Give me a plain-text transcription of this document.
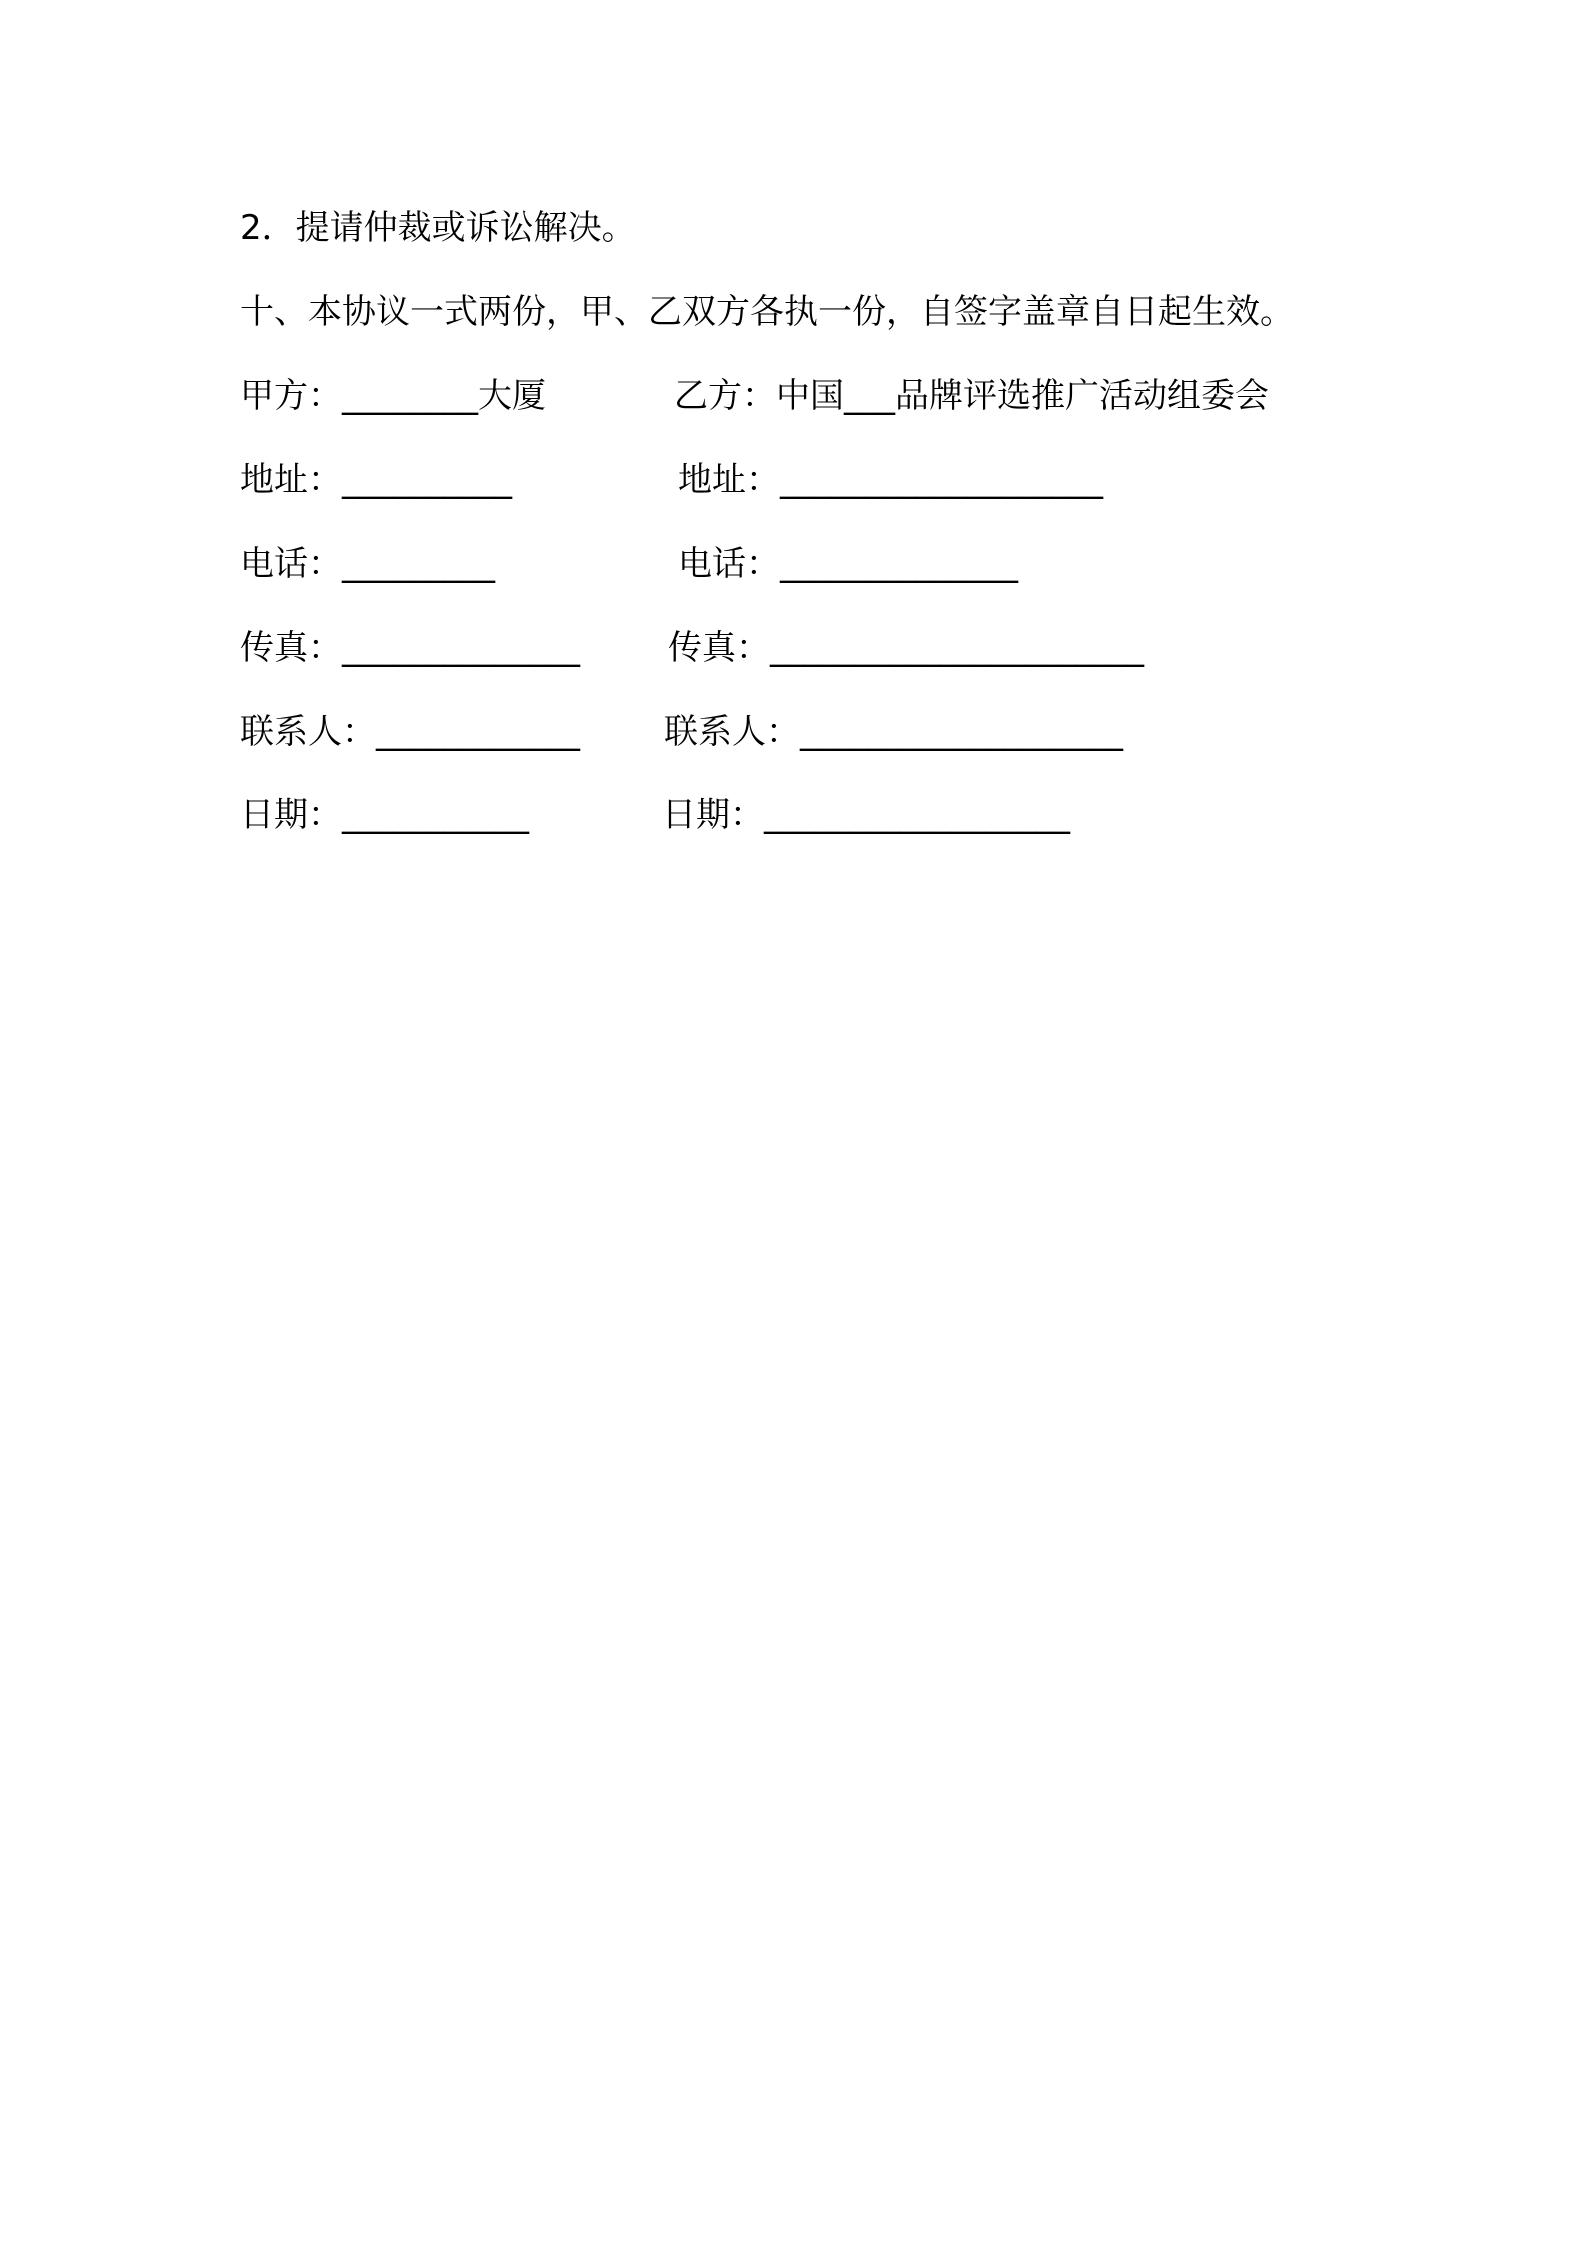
2．提请仲裁或诉讼解决。
十、本协议一式两份，甲、乙双方各执一份，自签字盖章自日起生效。
甲方：________大厦
地址：__________
电话：_________
传真：______________
联系人：____________
日期：___________
乙方：中国___品牌评选推广活动组委会
地址：___________________
电话：______________
传真：______________________
联系人：___________________
日期：__________________
